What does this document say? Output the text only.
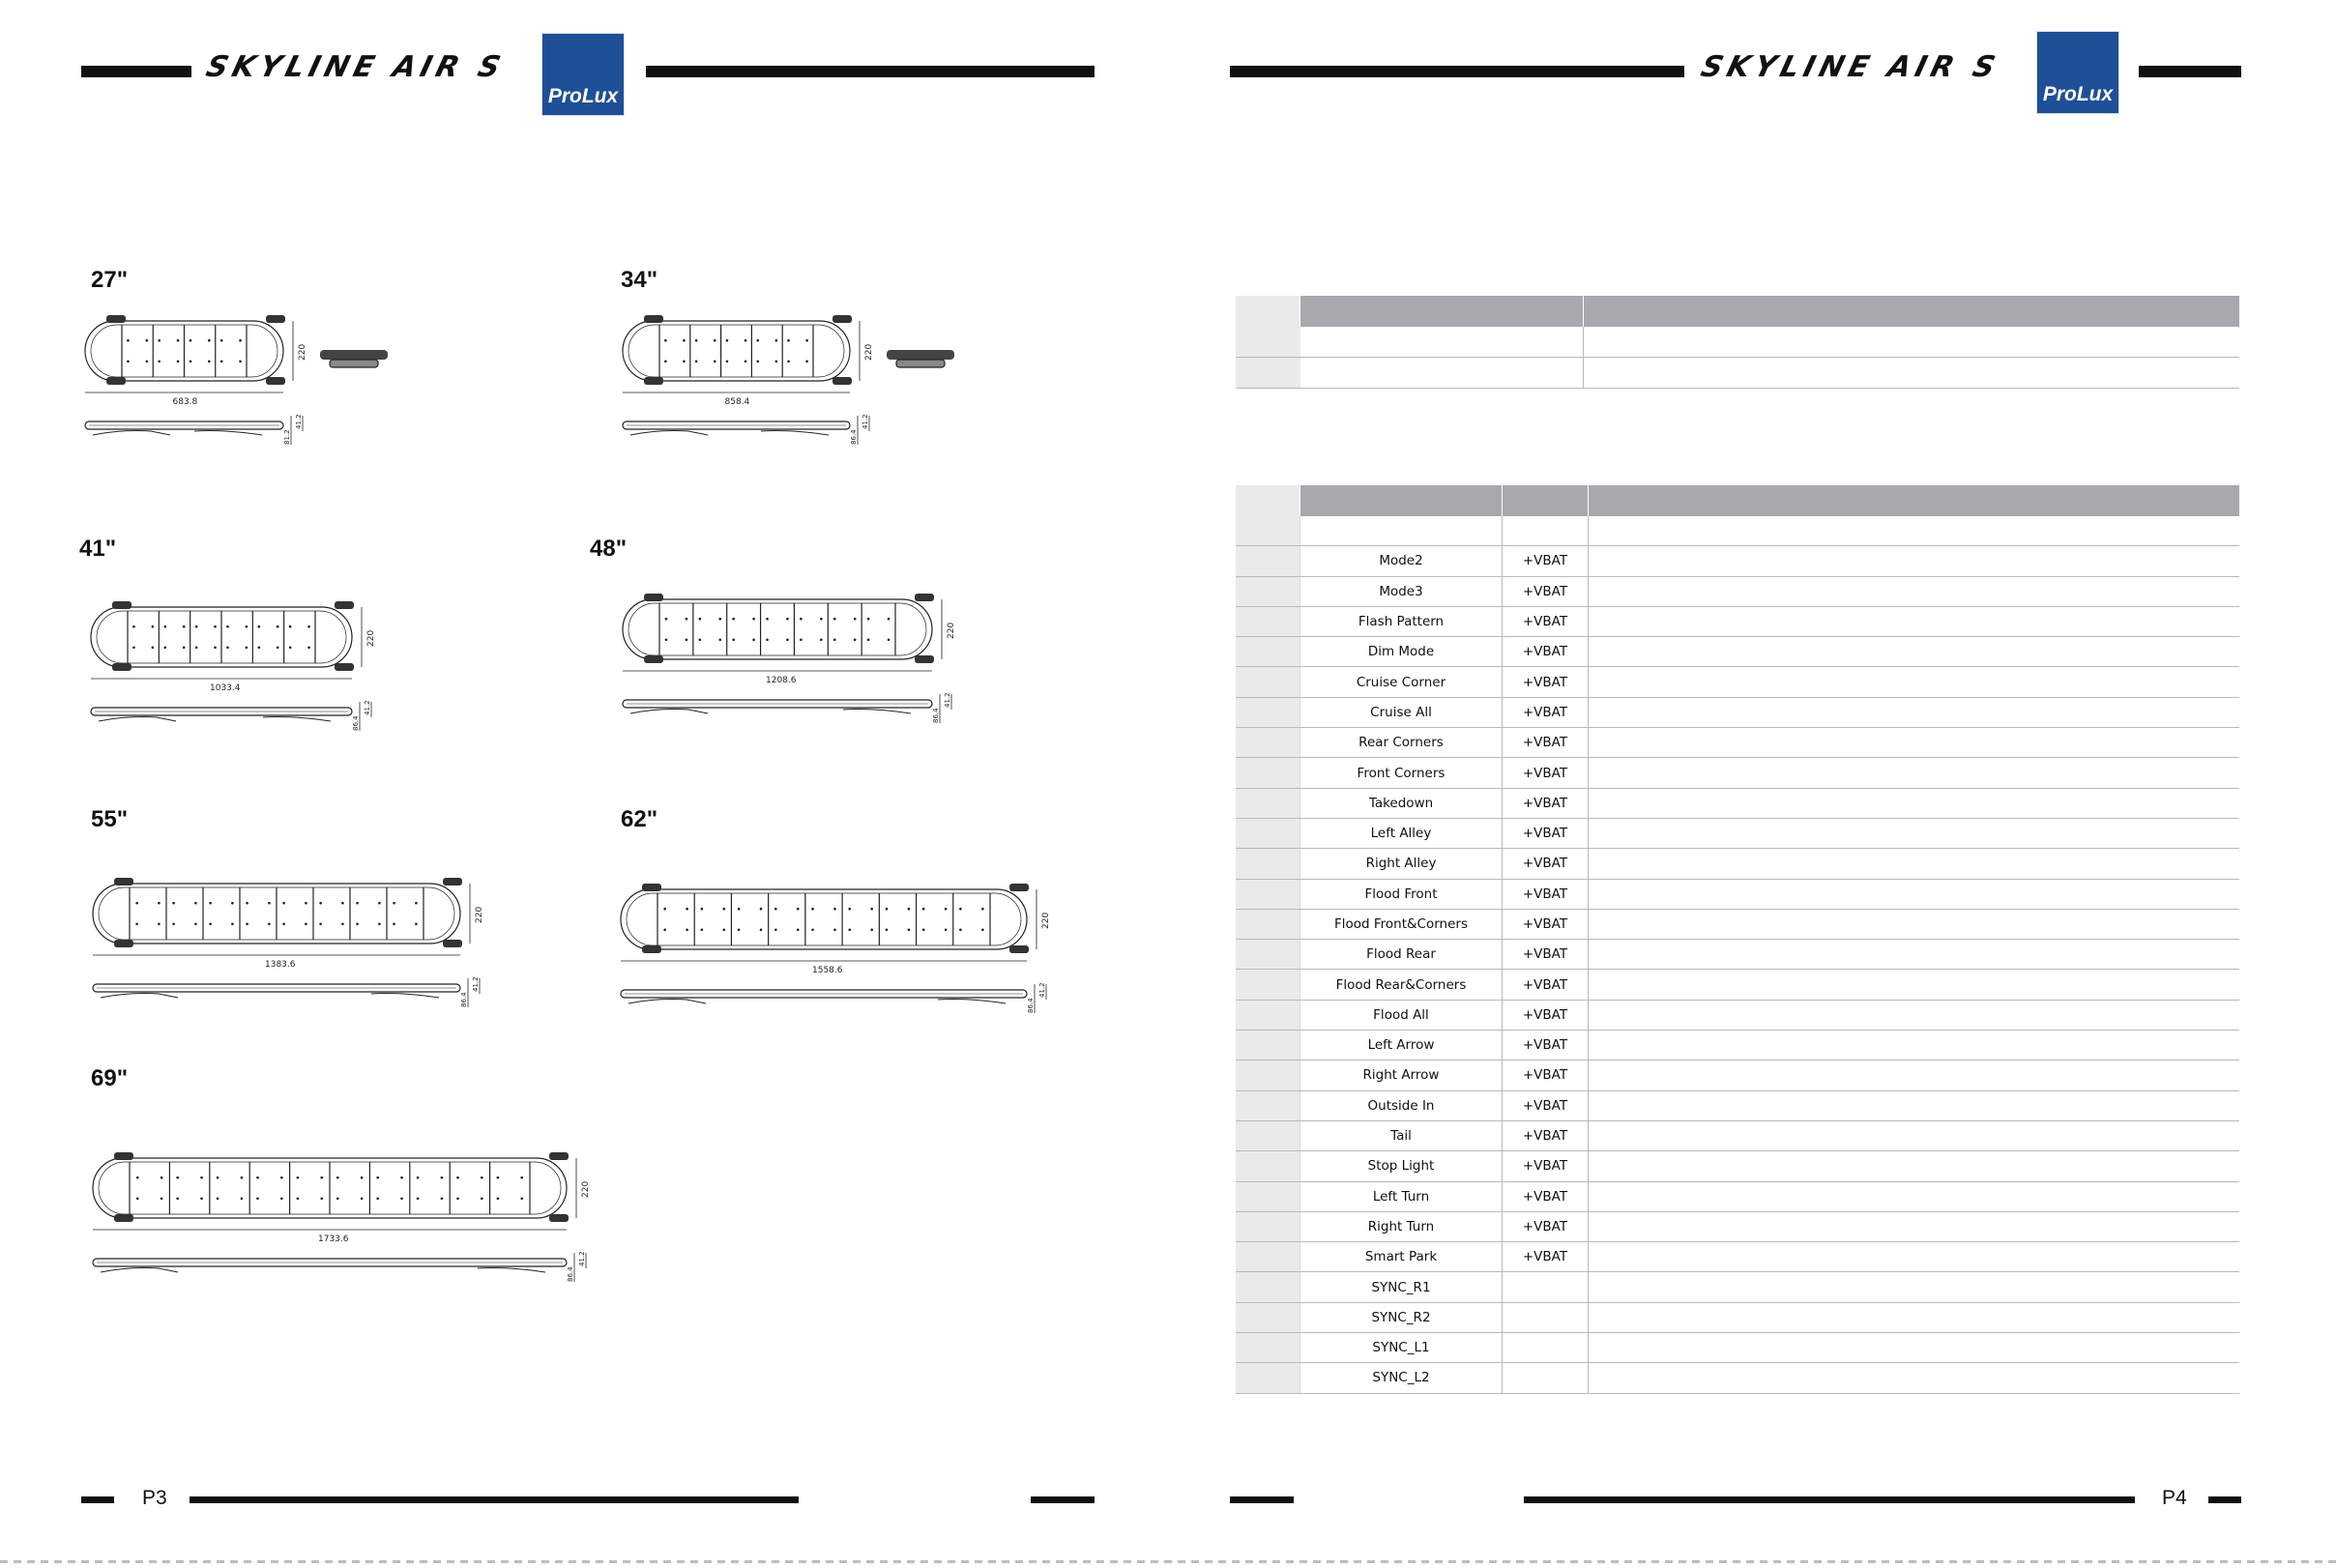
SKYLINE AIR S
ProLux
SKYLINE AIR S
ProLux
27"	34"
41"	48"
55"	62"
69"
683.8
220
41.2
81.2
858.4
220
41.2
86.4
1033.4
220
41.2
86.4
1208.6
220
41.2
86.4
1383.6
220
41.2
86.4
1558.6
220
41.2
86.4
1733.6
220
41.2
86.4

	Mode2	+VBAT	
	Mode3	+VBAT	
	Flash Pattern	+VBAT	
	Dim Mode	+VBAT	
	Cruise Corner	+VBAT	
	Cruise All	+VBAT	
	Rear Corners	+VBAT	
	Front Corners	+VBAT	
	Takedown	+VBAT	
	Left Alley	+VBAT	
	Right Alley	+VBAT	
	Flood Front	+VBAT	
	Flood Front&Corners	+VBAT	
	Flood Rear	+VBAT	
	Flood Rear&Corners	+VBAT	
	Flood All	+VBAT	
	Left Arrow	+VBAT	
	Right Arrow	+VBAT	
	Outside In	+VBAT	
	Tail	+VBAT	
	Stop Light	+VBAT	
	Left Turn	+VBAT	
	Right Turn	+VBAT	
	Smart Park	+VBAT	
	SYNC_R1		
	SYNC_R2		
	SYNC_L1		
	SYNC_L2		
P3	P4
